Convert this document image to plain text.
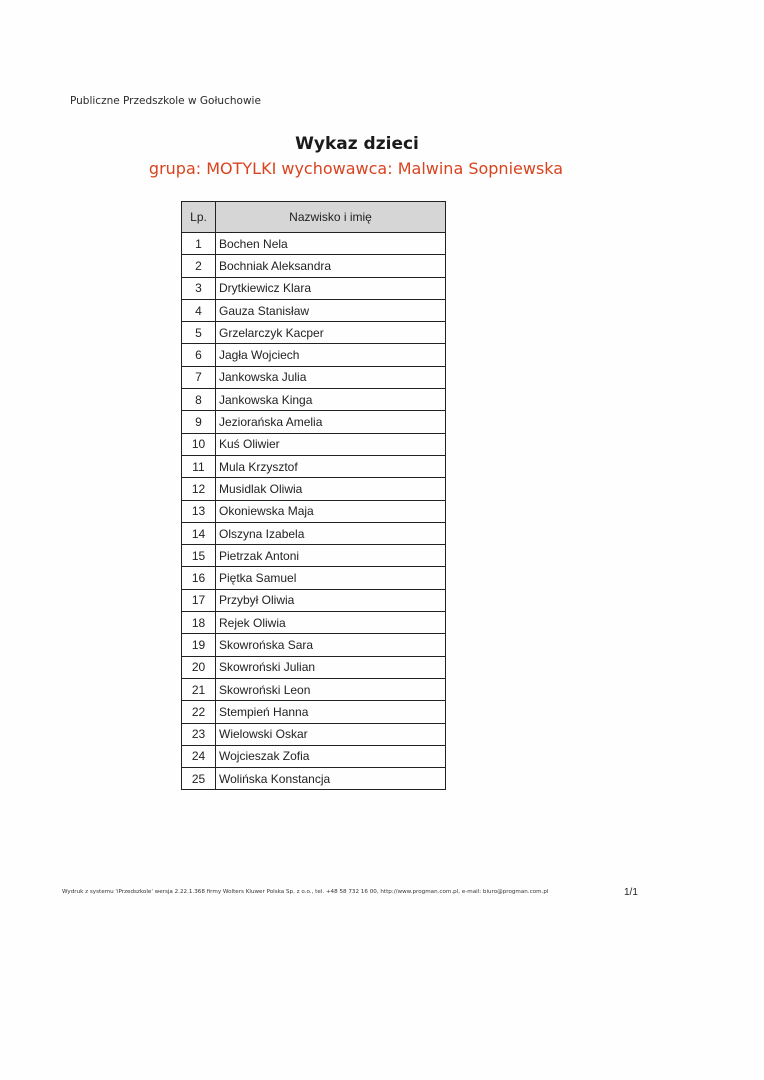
Publiczne Przedszkole w Gołuchowie
Wykaz dzieci
grupa: MOTYLKI wychowawca: Malwina Sopniewska
Lp.	Nazwisko i imię
1	Bochen Nela
2	Bochniak Aleksandra
3	Drytkiewicz Klara
4	Gauza Stanisław
5	Grzelarczyk Kacper
6	Jagła Wojciech
7	Jankowska Julia
8	Jankowska Kinga
9	Jeziorańska Amelia
10	Kuś Oliwier
11	Mula Krzysztof
12	Musidlak Oliwia
13	Okoniewska Maja
14	Olszyna Izabela
15	Pietrzak Antoni
16	Piętka Samuel
17	Przybył Oliwia
18	Rejek Oliwia
19	Skowrońska Sara
20	Skowroński Julian
21	Skowroński Leon
22	Stempień Hanna
23	Wielowski Oskar
24	Wojcieszak Zofia
25	Wolińska Konstancja
Wydruk z systemu 'iPrzedszkole' wersja 2.22.1.368 firmy Wolters Kluwer Polska Sp. z o.o., tel. +48 58 732 16 00, http://www.progman.com.pl, e-mail: biuro@progman.com.pl	1/1
